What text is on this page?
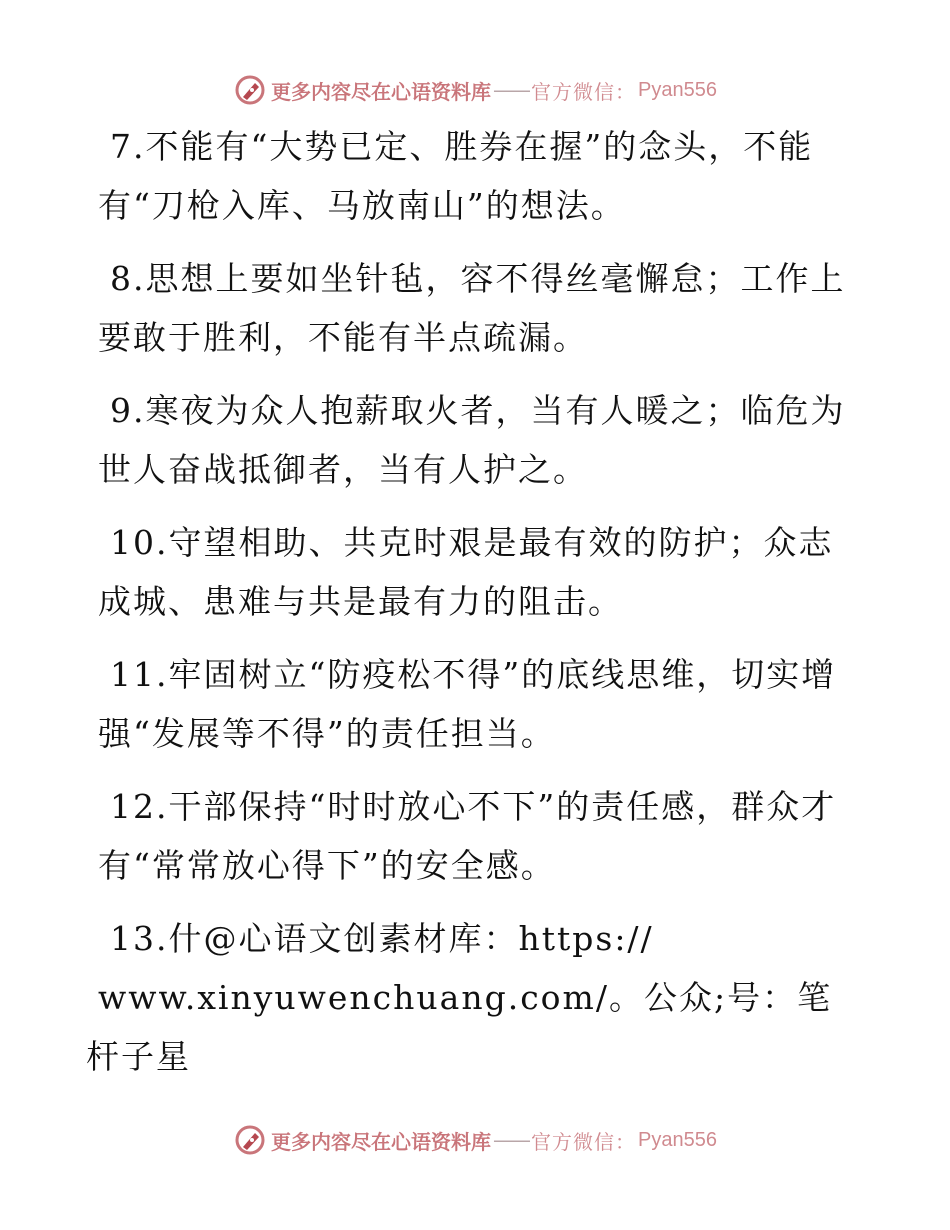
更多内容尽在心语资料库 —— 官方微信： Pyan556

7.不能有“大势已定、胜券在握”的念头，不能有“刀枪入库、马放南山”的想法。

8.思想上要如坐针毡，容不得丝毫懈怠；工作上要敢于胜利，不能有半点疏漏。

9.寒夜为众人抱薪取火者，当有人暖之；临危为世人奋战抵御者，当有人护之。

10.守望相助、共克时艰是最有效的防护；众志成城、患难与共是最有力的阻击。

11.牢固树立“防疫松不得”的底线思维，切实增强“发展等不得”的责任担当。

12.干部保持“时时放心不下”的责任感，群众才有“常常放心得下”的安全感。

13.什@心语文创素材库：https://
www.xinyuwenchuang.com/。公众;号：笔杆子星

更多内容尽在心语资料库 —— 官方微信： Pyan556
